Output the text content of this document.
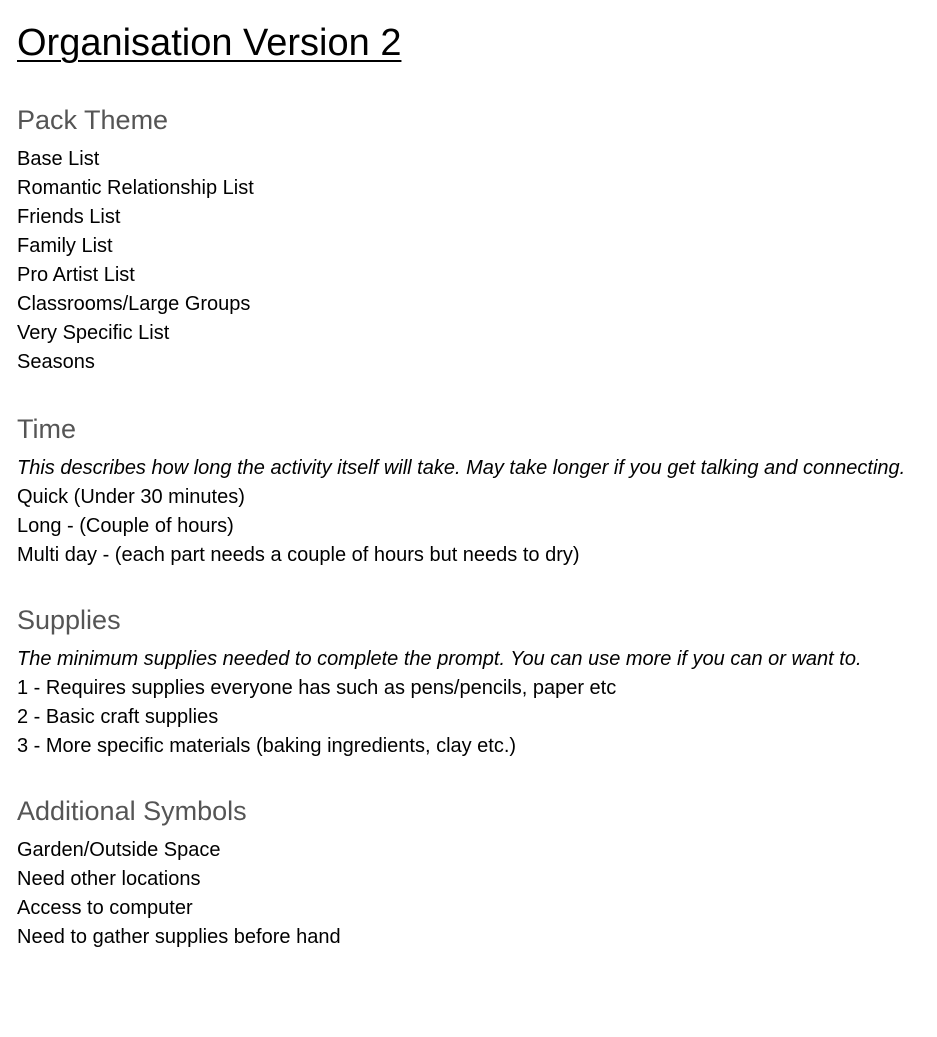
Organisation Version 2
Pack Theme
Base List
Romantic Relationship List
Friends List
Family List
Pro Artist List
Classrooms/Large Groups
Very Specific List
Seasons
Time

This describes how long the activity itself will take. May take longer if you get talking and connecting.

Quick (Under 30 minutes)
Long - (Couple of hours)
Multi day - (each part needs a couple of hours but needs to dry)
Supplies

The minimum supplies needed to complete the prompt. You can use more if you can or want to.

1 - Requires supplies everyone has such as pens/pencils, paper etc
2 - Basic craft supplies
3 - More specific materials (baking ingredients, clay etc.)
Additional Symbols
Garden/Outside Space
Need other locations
Access to computer
Need to gather supplies before hand
